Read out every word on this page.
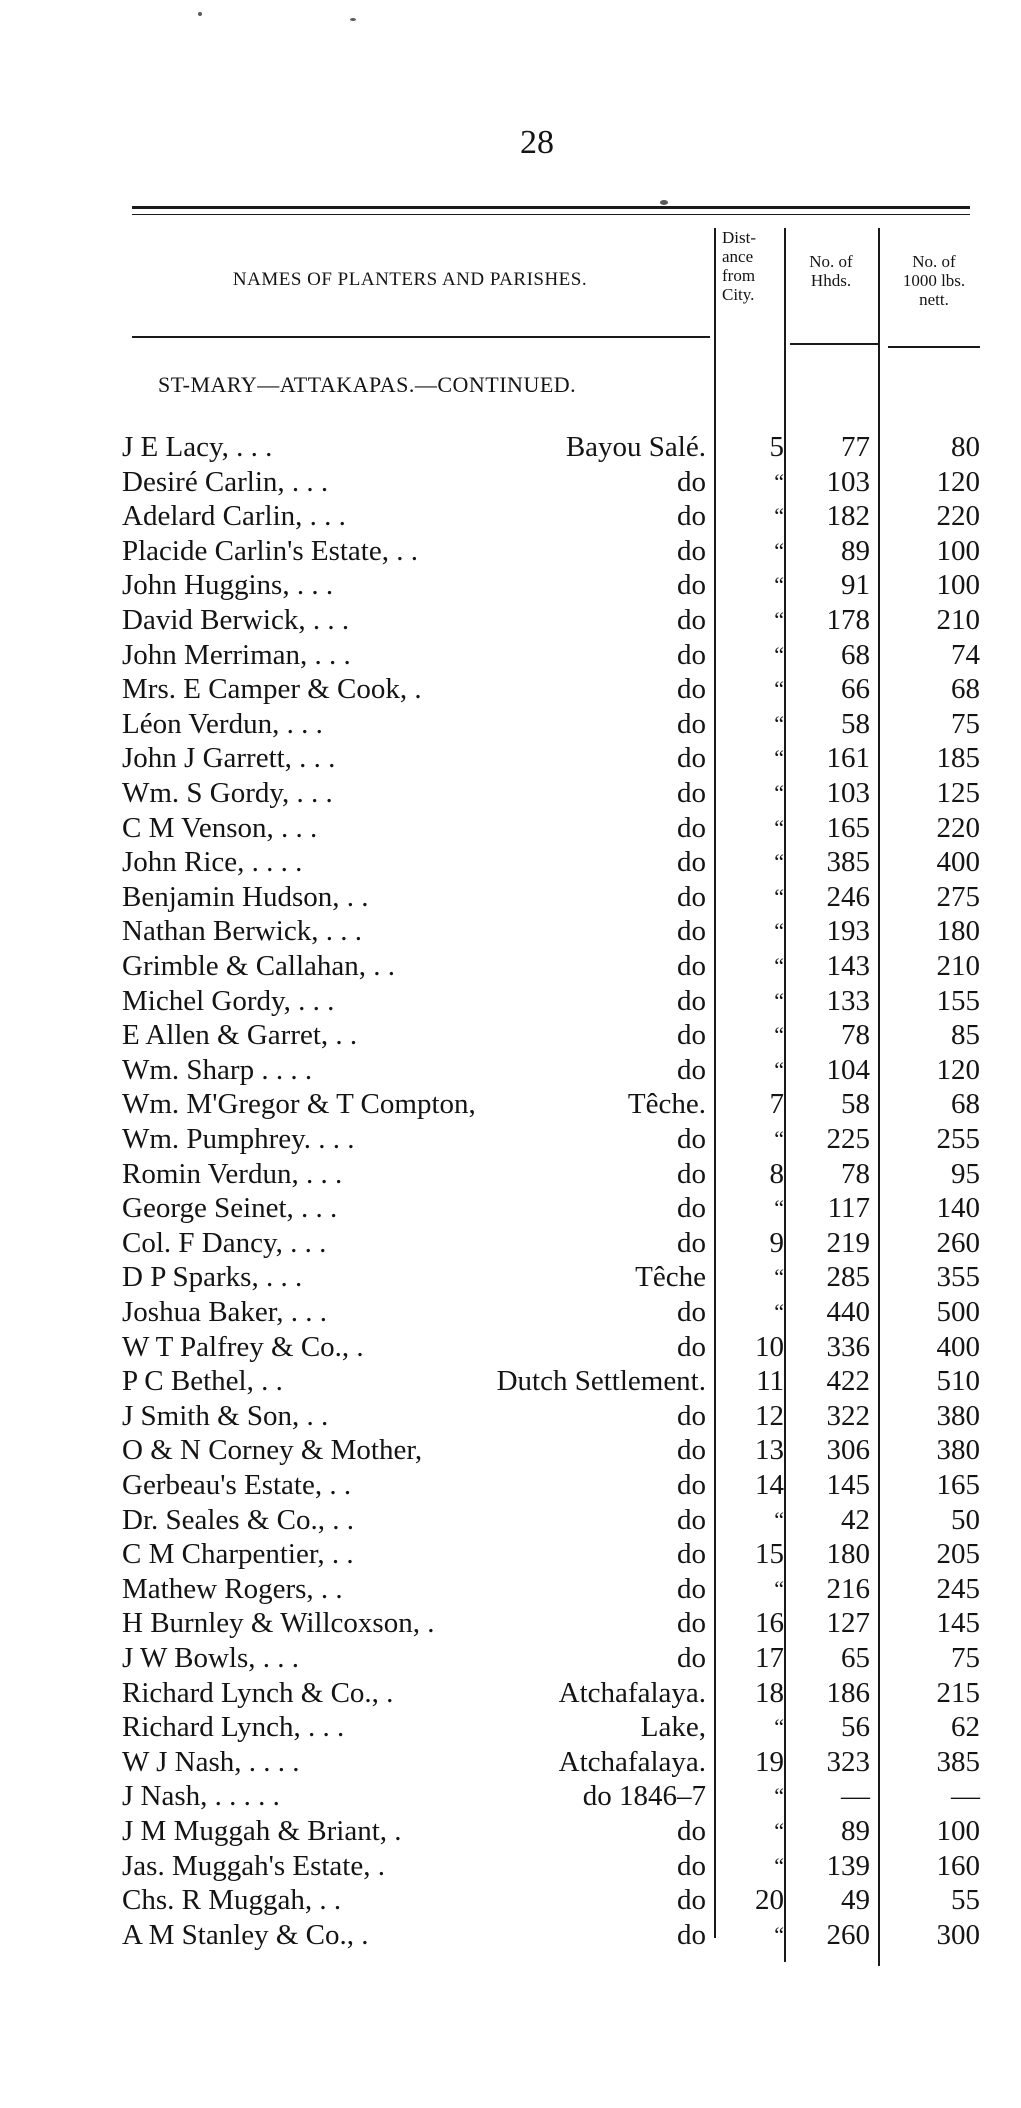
28
NAMES OF PLANTERS AND PARISHES.
Dist-
ance
from
City.
No. of
Hhds.
No. of
1000 lbs.
nett.
ST-MARY—ATTAKAPAS.—CONTINUED.
J E Lacy, . . .	Bayou Salé.	5	77	80
Desiré Carlin, . . .	do	“	103	120
Adelard Carlin, . . .	do	“	182	220
Placide Carlin's Estate, . .	do	“	89	100
John Huggins, . . .	do	“	91	100
David Berwick, . . .	do	“	178	210
John Merriman, . . .	do	“	68	74
Mrs. E Camper & Cook, .	do	“	66	68
Léon Verdun, . . .	do	“	58	75
John J Garrett, . . .	do	“	161	185
Wm. S Gordy, . . .	do	“	103	125
C M Venson, . . .	do	“	165	220
John Rice, . . . .	do	“	385	400
Benjamin Hudson, . .	do	“	246	275
Nathan Berwick, . . .	do	“	193	180
Grimble & Callahan, . .	do	“	143	210
Michel Gordy, . . .	do	“	133	155
E Allen & Garret, . .	do	“	78	85
Wm. Sharp . . . .	do	“	104	120
Wm. M'Gregor & T Compton,	Têche.	7	58	68
Wm. Pumphrey. . . .	do	“	225	255
Romin Verdun, . . .	do	8	78	95
George Seinet, . . .	do	“	117	140
Col. F Dancy, . . .	do	9	219	260
D P Sparks, . . .	Têche	“	285	355
Joshua Baker, . . .	do	“	440	500
W T Palfrey & Co., .	do	10	336	400
P C Bethel, . .	Dutch Settlement.	11	422	510
J Smith & Son, . .	do	12	322	380
O & N Corney & Mother,	do	13	306	380
Gerbeau's Estate, . .	do	14	145	165
Dr. Seales & Co., . .	do	“	42	50
C M Charpentier, . .	do	15	180	205
Mathew Rogers, . .	do	“	216	245
H Burnley & Willcoxson, .	do	16	127	145
J W Bowls, . . .	do	17	65	75
Richard Lynch & Co., .	Atchafalaya.	18	186	215
Richard Lynch, . . .	Lake,	“	56	62
W J Nash, . . . .	Atchafalaya.	19	323	385
J Nash, . . . . .	do 1846–7	“	—	—
J M Muggah & Briant, .	do	“	89	100
Jas. Muggah's Estate, .	do	“	139	160
Chs. R Muggah, . .	do	20	49	55
A M Stanley & Co., .	do	“	260	300
